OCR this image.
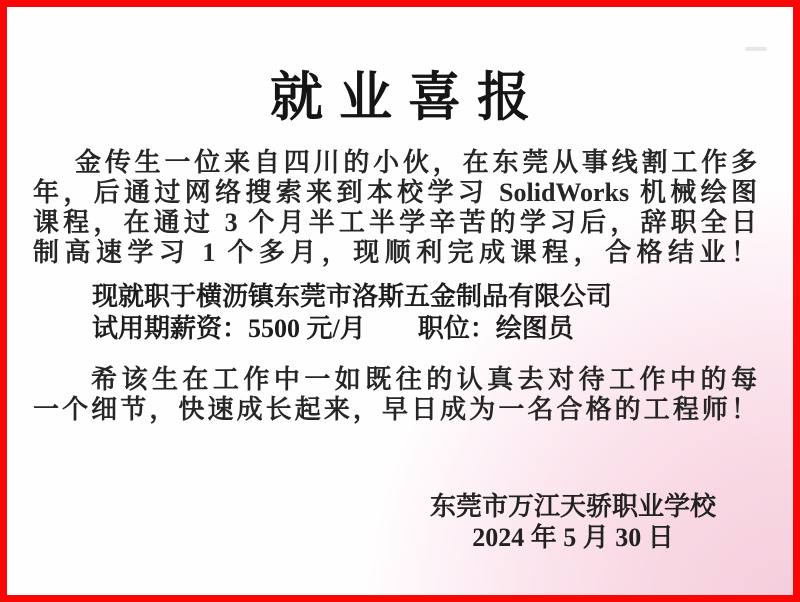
就业喜报
金传生一位来自四川的小伙，在东莞从事线割工作多
年，后通过网络搜索来到本校学习 SolidWorks 机械绘图
课程，在通过 3 个月半工半学辛苦的学习后，辞职全日
制高速学习 1 个多月，现顺利完成课程，合格结业！
现就职于横沥镇东莞市洛斯五金制品有限公司
试用期薪资：5500 元/月　　职位：绘图员
希该生在工作中一如既往的认真去对待工作中的每
一个细节，快速成长起来，早日成为一名合格的工程师！
东莞市万江天骄职业学校
2024 年 5 月 30 日
